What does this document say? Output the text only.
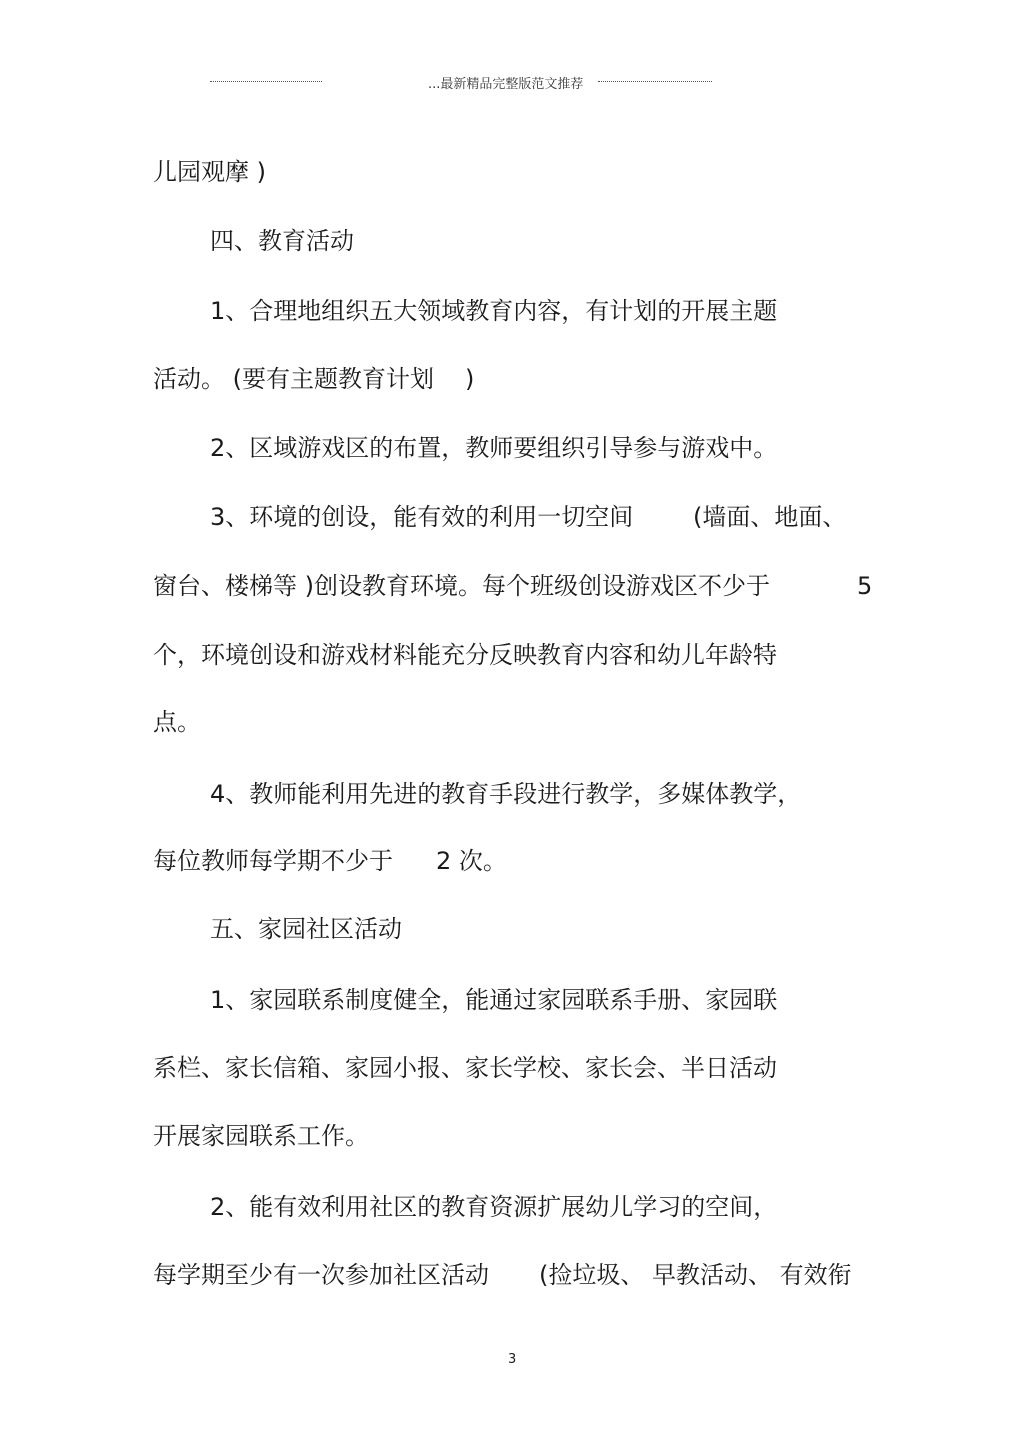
...最新精品完整版范文推荐
儿园观摩 )
四、教育活动
1、合理地组织五大领域教育内容，有计划的开展主题
活动。 (要有主题教育计划 )
2、区域游戏区的布置，教师要组织引导参与游戏中。
3、环境的创设，能有效的利用一切空间 (墙面、地面、
窗台、楼梯等 )创设教育环境。每个班级创设游戏区不少于	5
个，环境创设和游戏材料能充分反映教育内容和幼儿年龄特
点。
4、教师能利用先进的教育手段进行教学，多媒体教学，
每位教师每学期不少于 2 次。
五、家园社区活动
1、家园联系制度健全，能通过家园联系手册、家园联
系栏、家长信箱、家园小报、家长学校、家长会、半日活动
开展家园联系工作。
2、能有效利用社区的教育资源扩展幼儿学习的空间，
每学期至少有一次参加社区活动 (捡垃圾、 早教活动、 有效衔
3
